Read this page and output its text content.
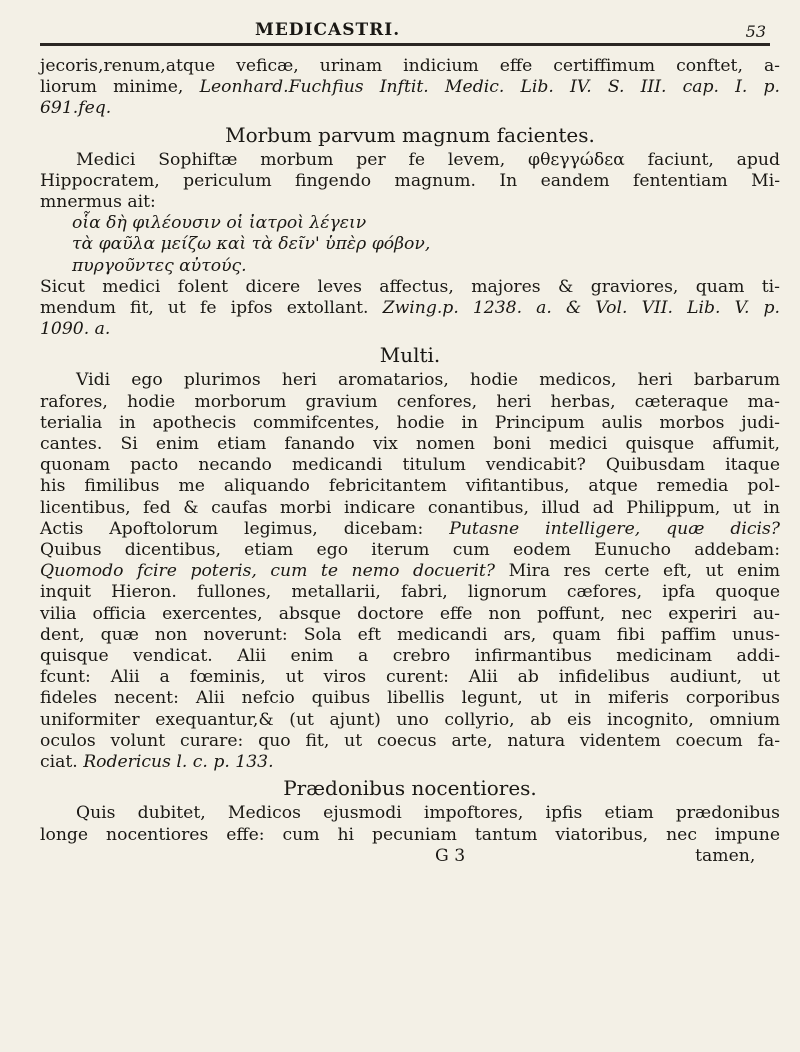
MEDICASTRI.	53
jecoris,renum,atque veficæ, urinam indicium effe certiffimum conftet, a-
liorum minime, Leonhard.Fuchfius Inftit. Medic. Lib. IV. S. III. cap. I. p.
691.feq.
Morbum parvum magnum facientes.
Medici Sophiftæ morbum per fe levem, φθεγγώδεα faciunt, apud
Hippocratem, periculum fingendo magnum. In eandem fententiam Mi-
mnermus ait:
οἷα δὴ φιλέουσιν οἱ ἰατροὶ λέγειν
τὰ φαῦλα μείζω καὶ τὰ δεῖν' ὑπὲρ φόβον,
πυργοῦντες αὐτούς.
Sicut medici folent dicere leves affectus, majores & graviores, quam ti-
mendum fit, ut fe ipfos extollant. Zwing.p. 1238. a. & Vol. VII. Lib. V. p.
1090. a.
Multi.
Vidi ego plurimos heri aromatarios, hodie medicos, heri barbarum
rafores, hodie morborum gravium cenfores, heri herbas, cæteraque ma-
terialia in apothecis commifcentes, hodie in Principum aulis morbos judi-
cantes. Si enim etiam fanando vix nomen boni medici quisque affumit,
quonam pacto necando medicandi titulum vendicabit? Quibusdam itaque
his fimilibus me aliquando febricitantem vifitantibus, atque remedia pol-
licentibus, fed & caufas morbi indicare conantibus, illud ad Philippum, ut in
Actis Apoftolorum legimus, dicebam: Putasne intelligere, quæ dicis?
Quibus dicentibus, etiam ego iterum cum eodem Eunucho addebam:
Quomodo fcire poteris, cum te nemo docuerit? Mira res certe eft, ut enim
inquit Hieron. fullones, metallarii, fabri, lignorum cæfores, ipfa quoque
vilia officia exercentes, absque doctore effe non poffunt, nec experiri au-
dent, quæ non noverunt: Sola eft medicandi ars, quam fibi paffim unus-
quisque vendicat. Alii enim a crebro infirmantibus medicinam addi-
fcunt: Alii a fœminis, ut viros curent: Alii ab infidelibus audiunt, ut
fideles necent: Alii nefcio quibus libellis legunt, ut in miferis corporibus
uniformiter exequantur,& (ut ajunt) uno collyrio, ab eis incognito, omnium
oculos volunt curare: quo fit, ut coecus arte, natura videntem coecum fa-
ciat. Rodericus l. c. p. 133.
Prædonibus nocentiores.
Quis dubitet, Medicos ejusmodi impoftores, ipfis etiam prædonibus
longe nocentiores effe: cum hi pecuniam tantum viatoribus, nec impune
G 3	tamen,
